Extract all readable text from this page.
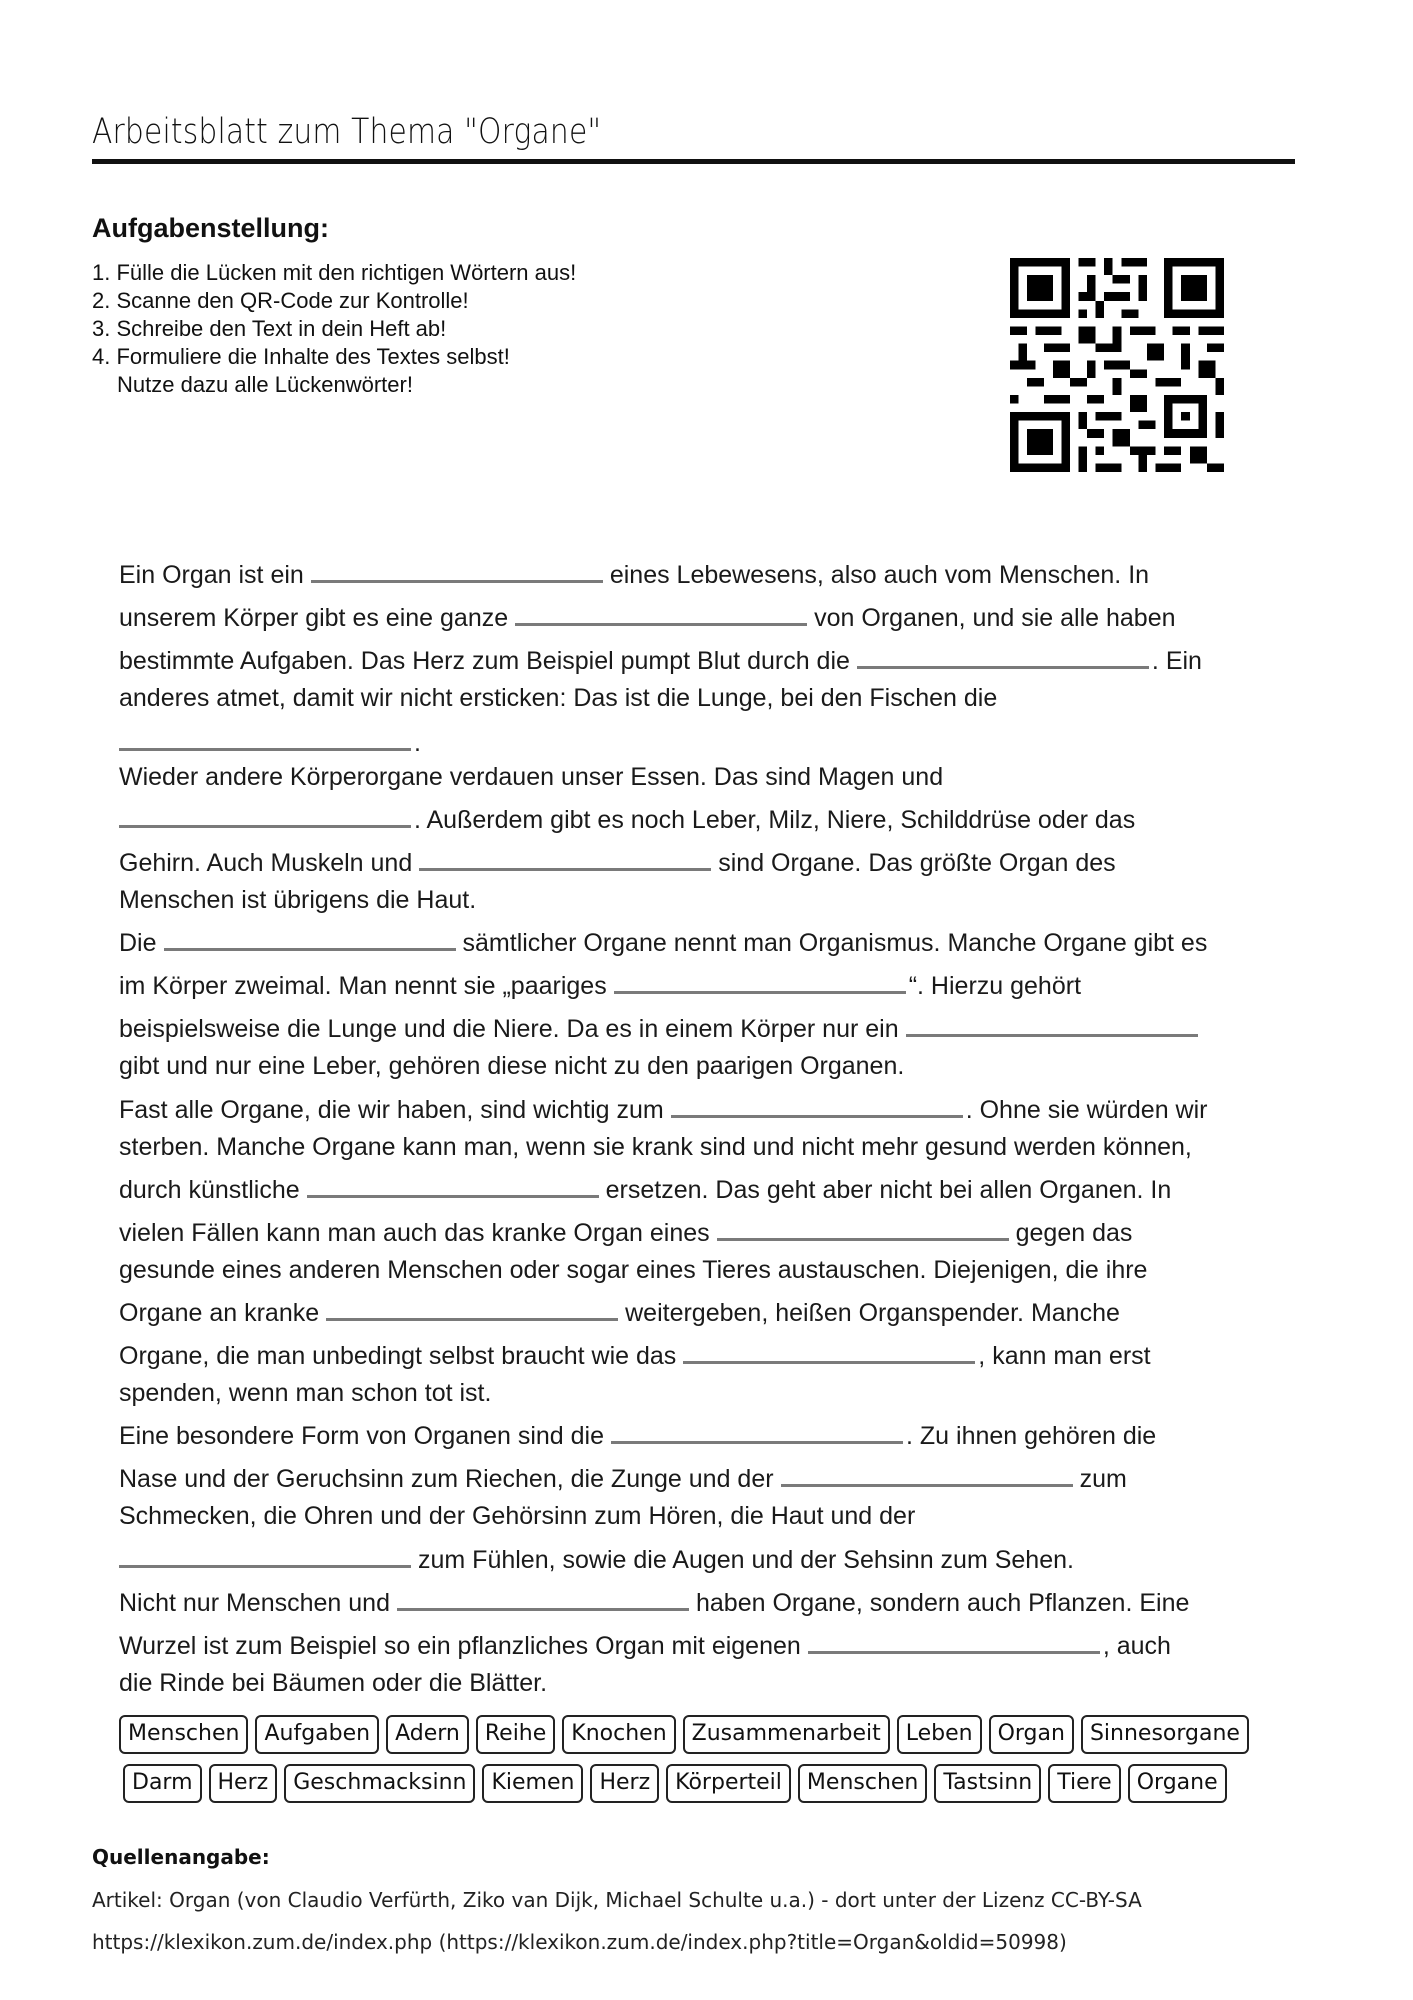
Arbeitsblatt zum Thema "Organe"
Aufgabenstellung:
1. Fülle die Lücken mit den richtigen Wörtern aus!
2. Scanne den QR-Code zur Kontrolle!
3. Schreibe den Text in dein Heft ab!
4. Formuliere die Inhalte des Textes selbst!
Nutze dazu alle Lückenwörter!
Ein Organ ist ein	eines Lebewesens, also auch vom Menschen. In
unserem Körper gibt es eine ganze	von Organen, und sie alle haben
bestimmte Aufgaben. Das Herz zum Beispiel pumpt Blut durch die	. Ein
anderes atmet, damit wir nicht ersticken: Das ist die Lunge, bei den Fischen die
.
Wieder andere Körperorgane verdauen unser Essen. Das sind Magen und
. Außerdem gibt es noch Leber, Milz, Niere, Schilddrüse oder das
Gehirn. Auch Muskeln und	sind Organe. Das größte Organ des
Menschen ist übrigens die Haut.
Die	sämtlicher Organe nennt man Organismus. Manche Organe gibt es
im Körper zweimal. Man nennt sie „paariges	“. Hierzu gehört
beispielsweise die Lunge und die Niere. Da es in einem Körper nur ein
gibt und nur eine Leber, gehören diese nicht zu den paarigen Organen.
Fast alle Organe, die wir haben, sind wichtig zum	. Ohne sie würden wir
sterben. Manche Organe kann man, wenn sie krank sind und nicht mehr gesund werden können,
durch künstliche	ersetzen. Das geht aber nicht bei allen Organen. In
vielen Fällen kann man auch das kranke Organ eines	gegen das
gesunde eines anderen Menschen oder sogar eines Tieres austauschen. Diejenigen, die ihre
Organe an kranke	weitergeben, heißen Organspender. Manche
Organe, die man unbedingt selbst braucht wie das	, kann man erst
spenden, wenn man schon tot ist.
Eine besondere Form von Organen sind die	. Zu ihnen gehören die
Nase und der Geruchsinn zum Riechen, die Zunge und der	zum
Schmecken, die Ohren und der Gehörsinn zum Hören, die Haut und der
zum Fühlen, sowie die Augen und der Sehsinn zum Sehen.
Nicht nur Menschen und	haben Organe, sondern auch Pflanzen. Eine
Wurzel ist zum Beispiel so ein pflanzliches Organ mit eigenen	, auch
die Rinde bei Bäumen oder die Blätter.
Menschen	Aufgaben	Adern	Reihe	Knochen	Zusammenarbeit	Leben	Organ	Sinnesorgane
Darm	Herz	Geschmacksinn	Kiemen	Herz	Körperteil	Menschen	Tastsinn	Tiere	Organe
Quellenangabe:
Artikel: Organ (von Claudio Verfürth, Ziko van Dijk, Michael Schulte u.a.) - dort unter der Lizenz CC-BY-SA
https://klexikon.zum.de/index.php (https://klexikon.zum.de/index.php?title=Organ&oldid=50998)
